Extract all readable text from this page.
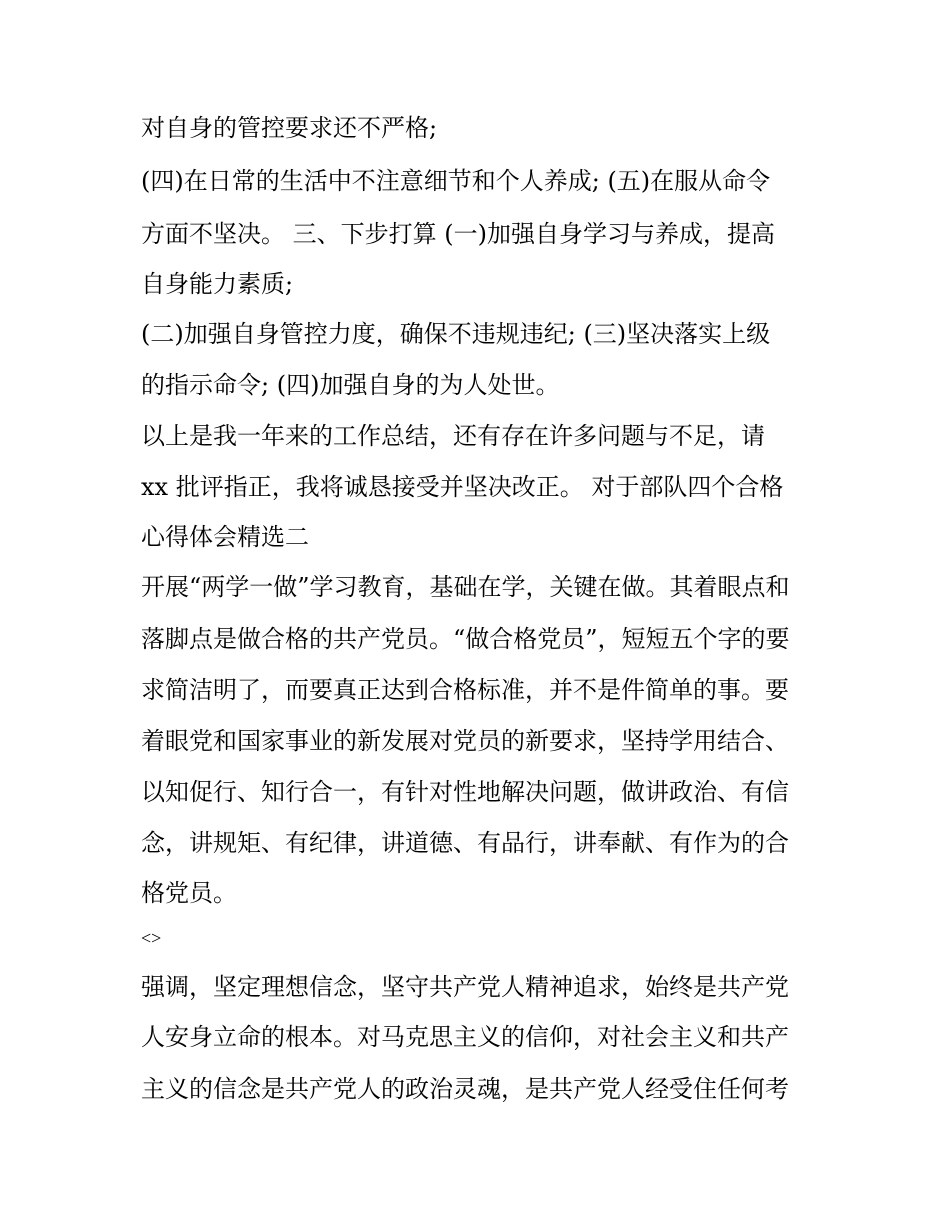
对自身的管控要求还不严格;

(四)在日常的生活中不注意细节和个人养成; (五)在服从命令

方面不坚决。 三、下步打算 (一)加强自身学习与养成，提高

自身能力素质;

(二)加强自身管控力度，确保不违规违纪; (三)坚决落实上级

的指示命令; (四)加强自身的为人处世。

以上是我一年来的工作总结，还有存在许多问题与不足，请

xx 批评指正，我将诚恳接受并坚决改正。 对于部队四个合格

心得体会精选二

开展“两学一做”学习教育，基础在学，关键在做。其着眼点和

落脚点是做合格的共产党员。“做合格党员”，短短五个字的要

求简洁明了，而要真正达到合格标准，并不是件简单的事。要

着眼党和国家事业的新发展对党员的新要求，坚持学用结合、

以知促行、知行合一，有针对性地解决问题，做讲政治、有信

念，讲规矩、有纪律，讲道德、有品行，讲奉献、有作为的合

格党员。

<>

强调，坚定理想信念，坚守共产党人精神追求，始终是共产党

人安身立命的根本。对马克思主义的信仰，对社会主义和共产

主义的信念是共产党人的政治灵魂，是共产党人经受住任何考
